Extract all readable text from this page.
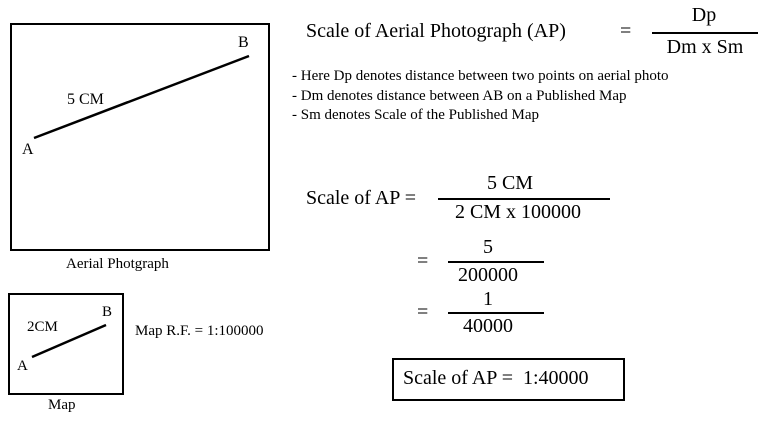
A
B
5 CM
Aerial Photgraph
A
B
2CM
Map
Map R.F. = 1:100000
Scale of Aerial Photograph (AP)	=
Dp
Dm x Sm
- Here Dp denotes distance between two points on aerial photo
- Dm denotes distance between AB on a Published Map
- Sm denotes Scale of the Published Map
Scale of AP =
5 CM
2 CM x 100000
=
5
200000
=
1
40000
Scale of AP =  1:40000
